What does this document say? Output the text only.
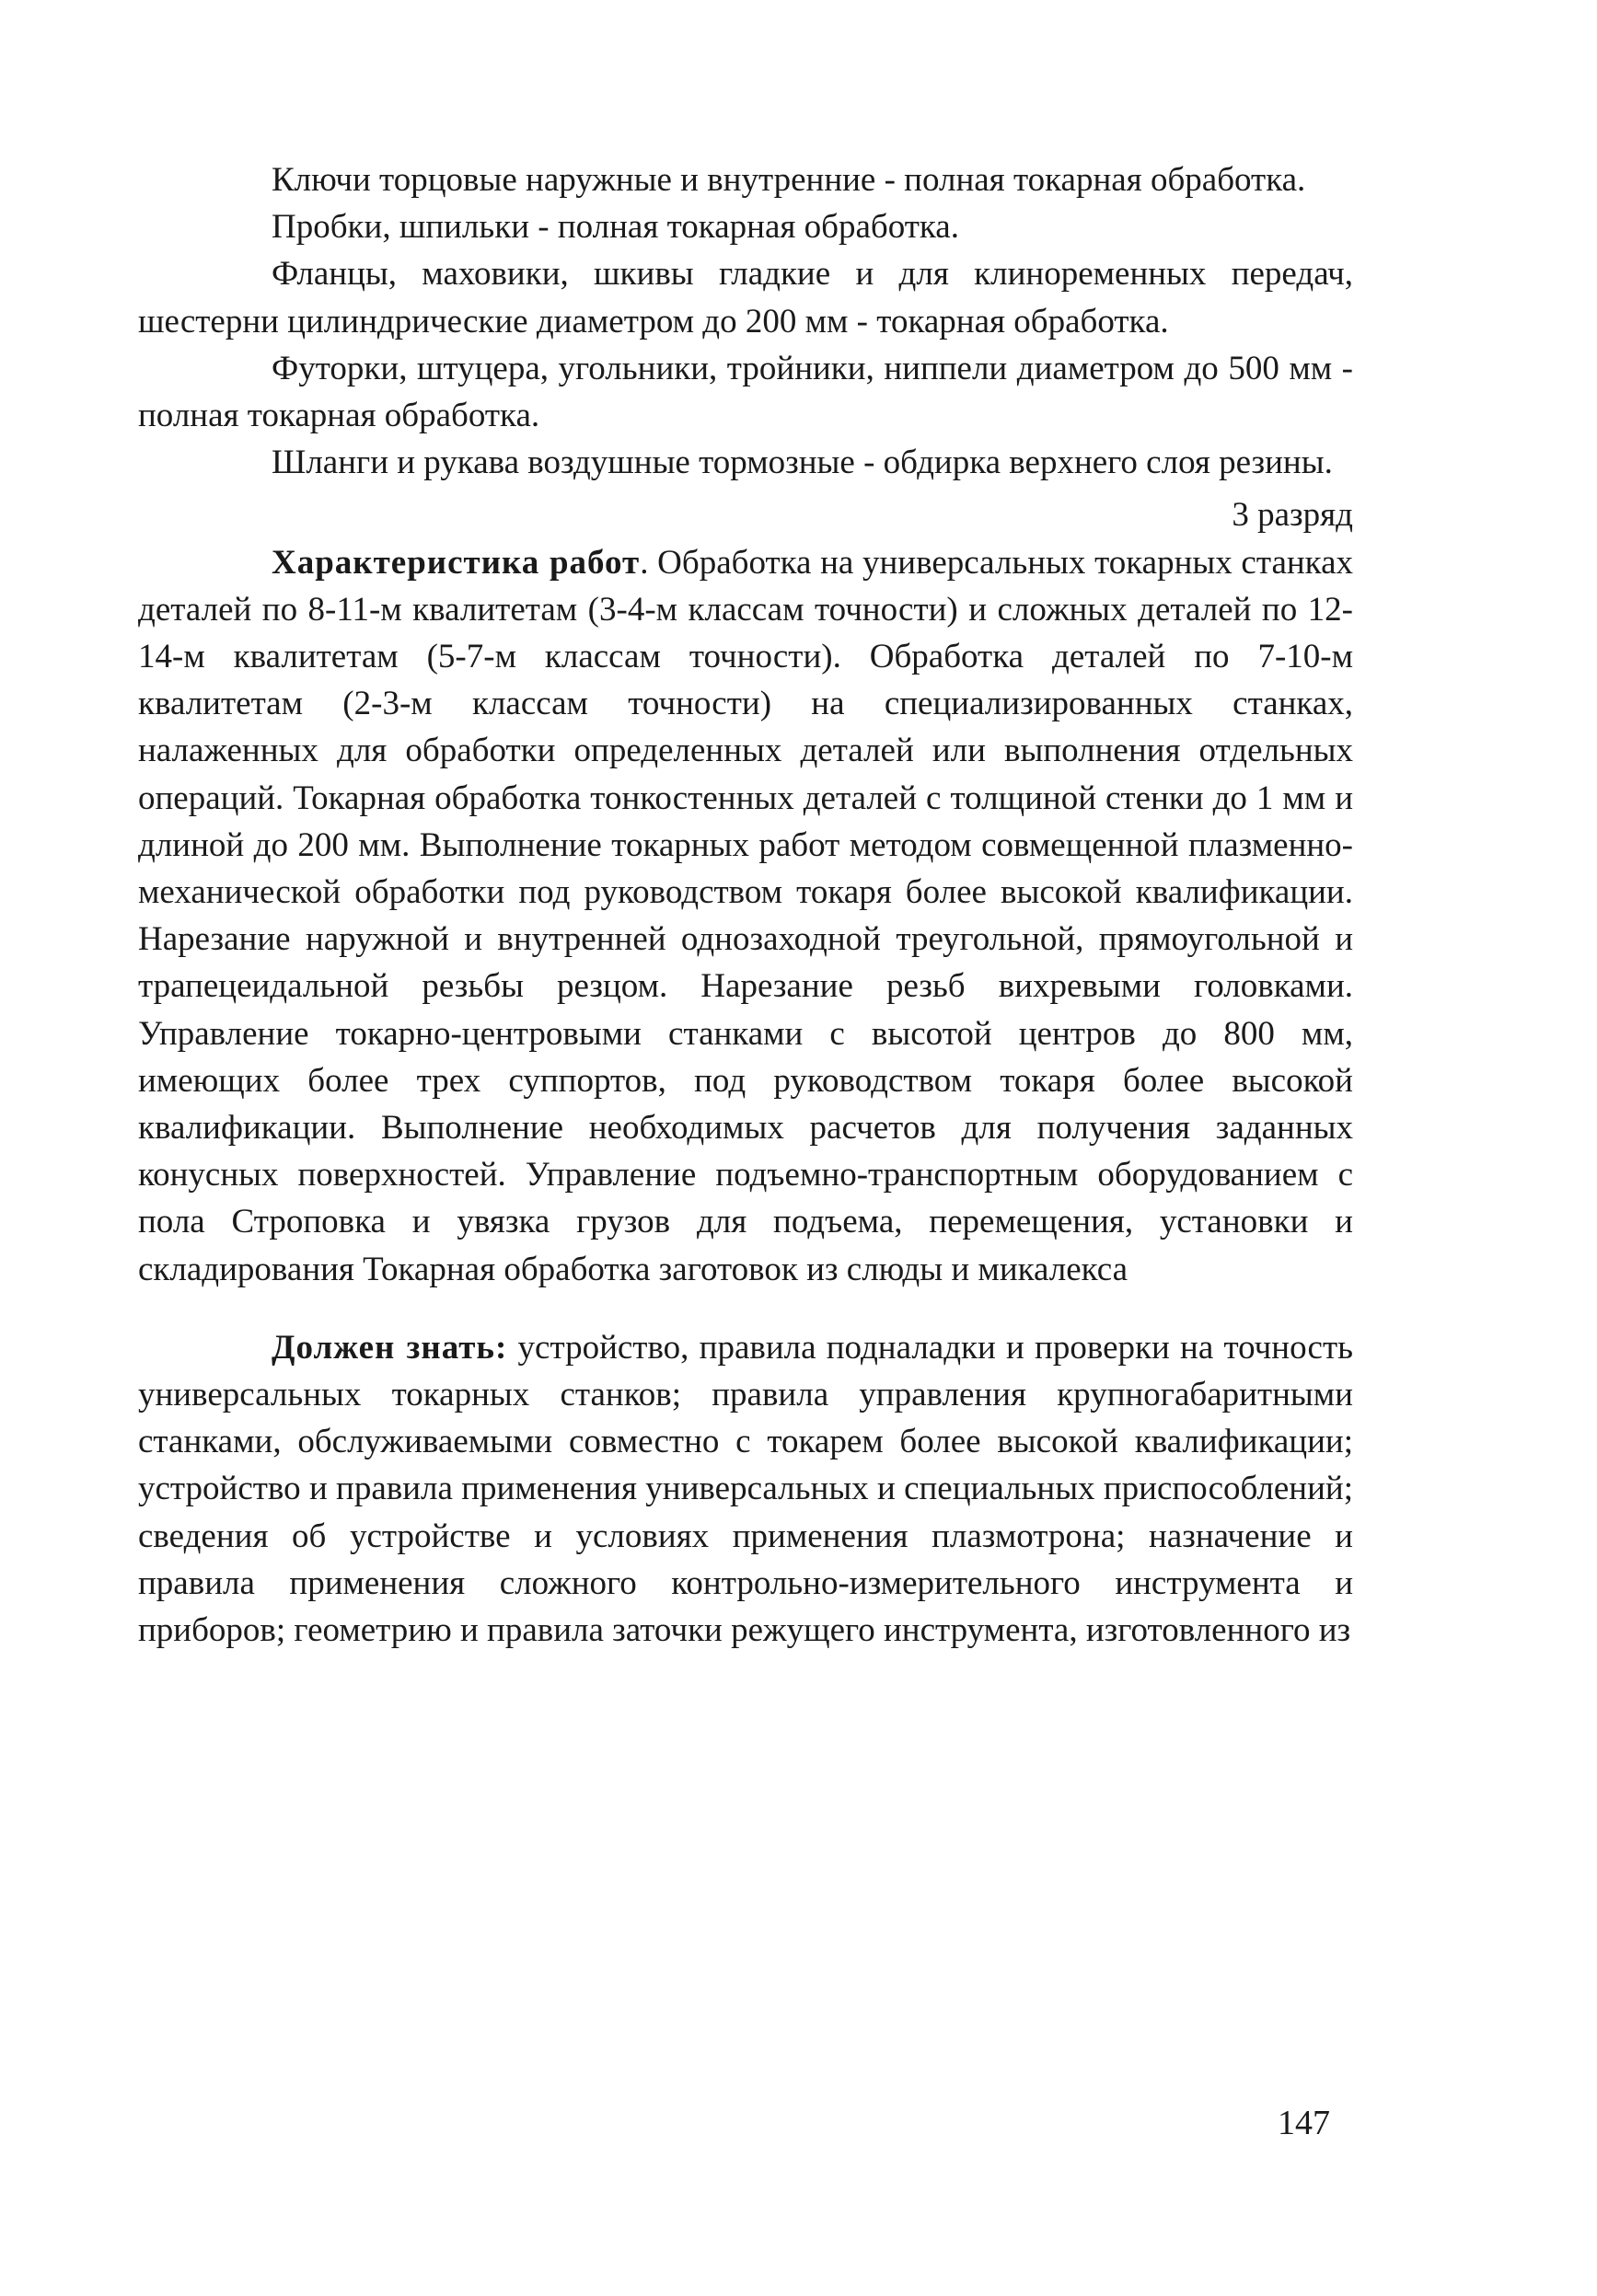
Ключи торцовые наружные и внутренние - полная токарная обработка.

Пробки, шпильки - полная токарная обработка.

Фланцы, маховики, шкивы гладкие и для клиноременных передач, шестерни цилиндрические диаметром до 200 мм - токарная обработка.

Футорки, штуцера, угольники, тройники, ниппели диаметром до 500 мм - полная токарная обработка.

Шланги и рукава воздушные тормозные - обдирка верхнего слоя резины.

3 разряд

Характеристика работ. Обработка на универсальных токарных станках деталей по 8-11-м квалитетам (3-4-м классам точности) и сложных деталей по 12-14-м квалитетам (5-7-м классам точности). Обработка деталей по 7-10-м квалитетам (2-3-м классам точности) на специализированных станках, налаженных для обработки определенных деталей или выполнения отдельных операций. Токарная обработка тонкостенных деталей с толщиной стенки до 1 мм и длиной до 200 мм. Выполнение токарных работ методом совмещенной плазменно-механической обработки под руководством токаря более высокой квалификации. Нарезание наружной и внутренней однозаходной треугольной, прямоугольной и трапецеидальной резьбы резцом. Нарезание резьб вихревыми головками. Управление токарно-центровыми станками с высотой центров до 800 мм, имеющих более трех суппортов, под руководством токаря более высокой квалификации. Выполнение необходимых расчетов для получения заданных конусных поверхностей. Управление подъемно-транспортным оборудованием с пола Строповка и увязка грузов для подъема, перемещения, установки и складирования Токарная обработка заготовок из слюды и микалекса

Должен знать: устройство, правила подналадки и проверки на точность универсальных токарных станков; правила управления крупногабаритными станками, обслуживаемыми совместно с токарем более высокой квалификации; устройство и правила применения универсальных и специальных приспособлений; сведения об устройстве и условиях применения плазмотрона; назначение и правила применения сложного контрольно-измерительного инструмента и приборов; геометрию и правила заточки режущего инструмента, изготовленного из

147
